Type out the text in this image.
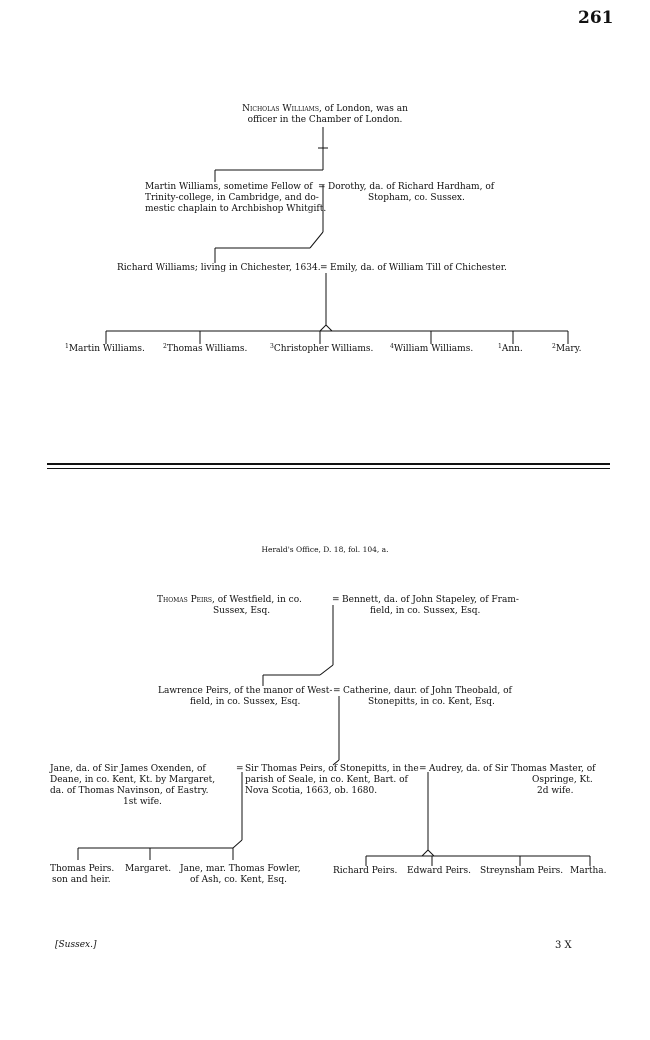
261
Nicholas Williams, of London, was an
officer in the Chamber of London.
Martin Williams, sometime Fellow of
Trinity-college, in Cambridge, and do-
mestic chaplain to Archbishop Whitgift.
= Dorothy, da. of Richard Hardham, of
Stopham, co. Sussex.
Richard Williams; living in Chichester, 1634. = Emily, da. of William Till of Chichester.
$^1$Martin Williams.	$^2$Thomas Williams.	$^3$Christopher Williams.	$^4$William Williams.	$^1$Ann.	$^2$Mary.
Herald's Office, D. 18, fol. 104, a.
Thomas Peirs, of Westfield, in co.
Sussex, Esq.
= Bennett, da. of John Stapeley, of Fram-
field, in co. Sussex, Esq.
Lawrence Peirs, of the manor of West-
field, in co. Sussex, Esq.
= Catherine, daur. of John Theobald, of
Stonepitts, in co. Kent, Esq.
Jane, da. of Sir James Oxenden, of
Deane, in co. Kent, Kt. by Margaret,
da. of Thomas Navinson, of Eastry.
1st wife.
= Sir Thomas Peirs, of Stonepitts, in the
parish of Seale, in co. Kent, Bart. of
Nova Scotia, 1663, ob. 1680.
= Audrey, da. of Sir Thomas Master, of
Ospringe, Kt.
2d wife.
Thomas Peirs.
son and heir.
Margaret. Jane, mar. Thomas Fowler,
of Ash, co. Kent, Esq.
Richard Peirs. Edward Peirs. Streynsham Peirs. Martha.
[Sussex.]	3 X
